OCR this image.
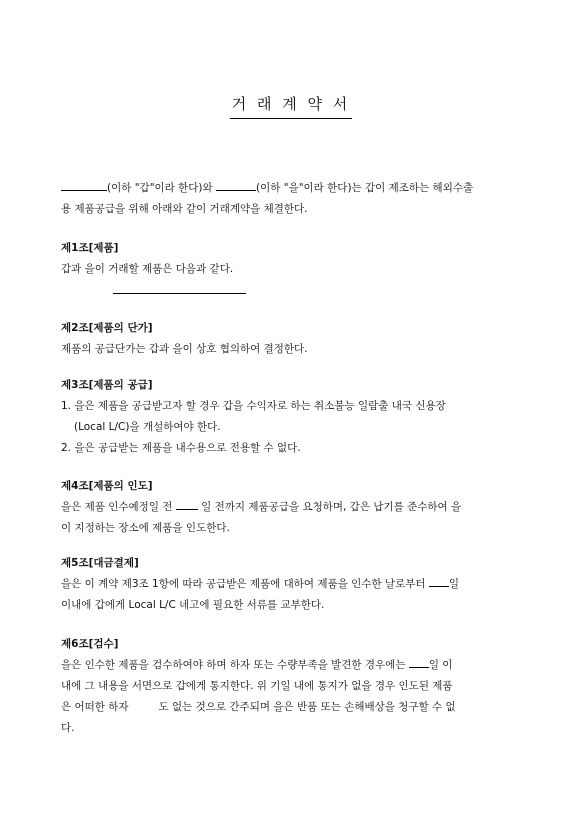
거 래 계 약 서
(이하 "갑"이라 한다)와	(이하 "을"이라 한다)는 갑이 제조하는 해외수출
용 제품공급을 위해 아래와 같이 거래계약을 체결한다.
제1조[제품]
갑과 을이 거래할 제품은 다음과 같다.
제2조[제품의 단가]
제품의 공급단가는 갑과 을이 상호 협의하여 결정한다.
제3조[제품의 공급]
1. 을은 제품을 공급받고자 할 경우 갑을 수익자로 하는 취소불능 일람출 내국 신용장
(Local L/C)을 개설하여야 한다.
2. 을은 공급받는 제품을 내수용으로 전용할 수 없다.
제4조[제품의 인도]
을은 제품 인수예정일 전	일 전까지 제품공급을 요청하며, 갑은 납기를 준수하여 을
이 지정하는 장소에 제품을 인도한다.
제5조[대금결제]
을은 이 계약 제3조 1항에 따라 공급받은 제품에 대하여 제품을 인수한 날로부터 일
이내에 갑에게 Local L/C 네고에 필요한 서류를 교부한다.
제6조[검수]
을은 인수한 제품을 검수하여야 하며 하자 또는 수량부족을 발견한 경우에는 일 이
내에 그 내용을 서면으로 갑에게 통지한다. 위 기일 내에 통지가 없을 경우 인도된 제품
은 어떠한 하자	도 없는 것으로 간주되며 을은 반품 또는 손해배상을 청구할 수 없
다.
